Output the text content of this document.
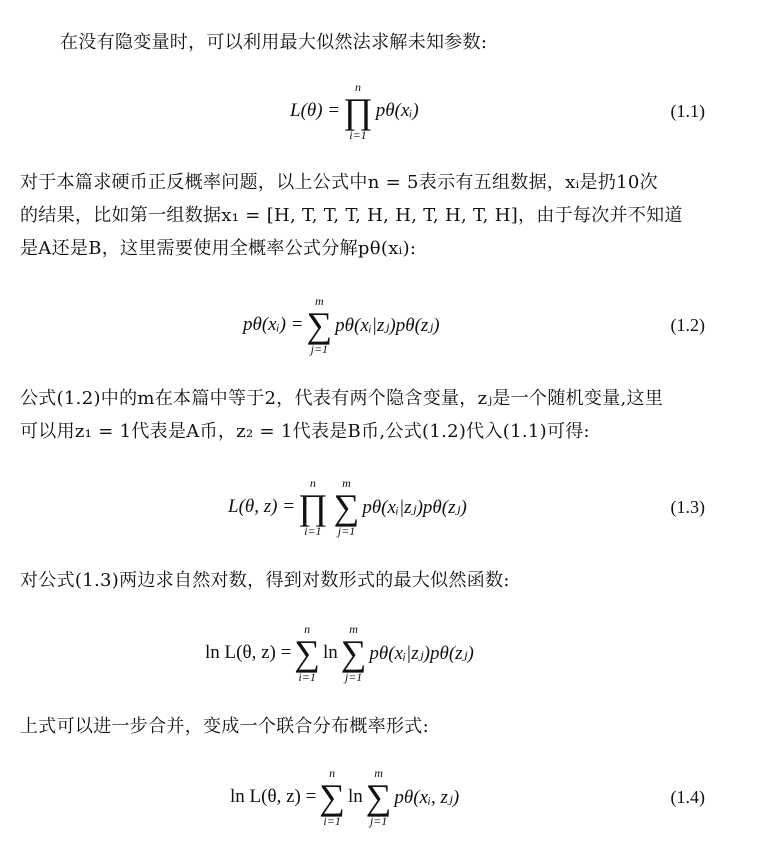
在没有隐变量时，可以利用最大似然法求解未知参数:
L(θ) =
n
∏
i=1
pθ(xᵢ)	(1.1)
对于本篇求硬币正反概率问题，以上公式中n = 5表示有五组数据，xᵢ是扔10次
的结果，比如第一组数据x₁ = [H, T, T, T, H, H, T, H, T, H]，由于每次并不知道
是A还是B，这里需要使用全概率公式分解pθ(xᵢ):
pθ(xᵢ) =
m
∑
j=1
pθ(xᵢ|zⱼ)pθ(zⱼ)	(1.2)
公式(1.2)中的m在本篇中等于2，代表有两个隐含变量，zⱼ是一个随机变量,这里
可以用z₁ = 1代表是A币，z₂ = 1代表是B币,公式(1.2)代入(1.1)可得:
L(θ, z) =
n
∏
i=1
m
∑
j=1
pθ(xᵢ|zⱼ)pθ(zⱼ)	(1.3)
对公式(1.3)两边求自然对数，得到对数形式的最大似然函数:
ln L(θ, z) =
n
∑
i=1
ln
m
∑
j=1
pθ(xᵢ|zⱼ)pθ(zⱼ)
上式可以进一步合并，变成一个联合分布概率形式:
ln L(θ, z) =
n
∑
i=1
ln
m
∑
j=1
pθ(xᵢ, zⱼ)	(1.4)
